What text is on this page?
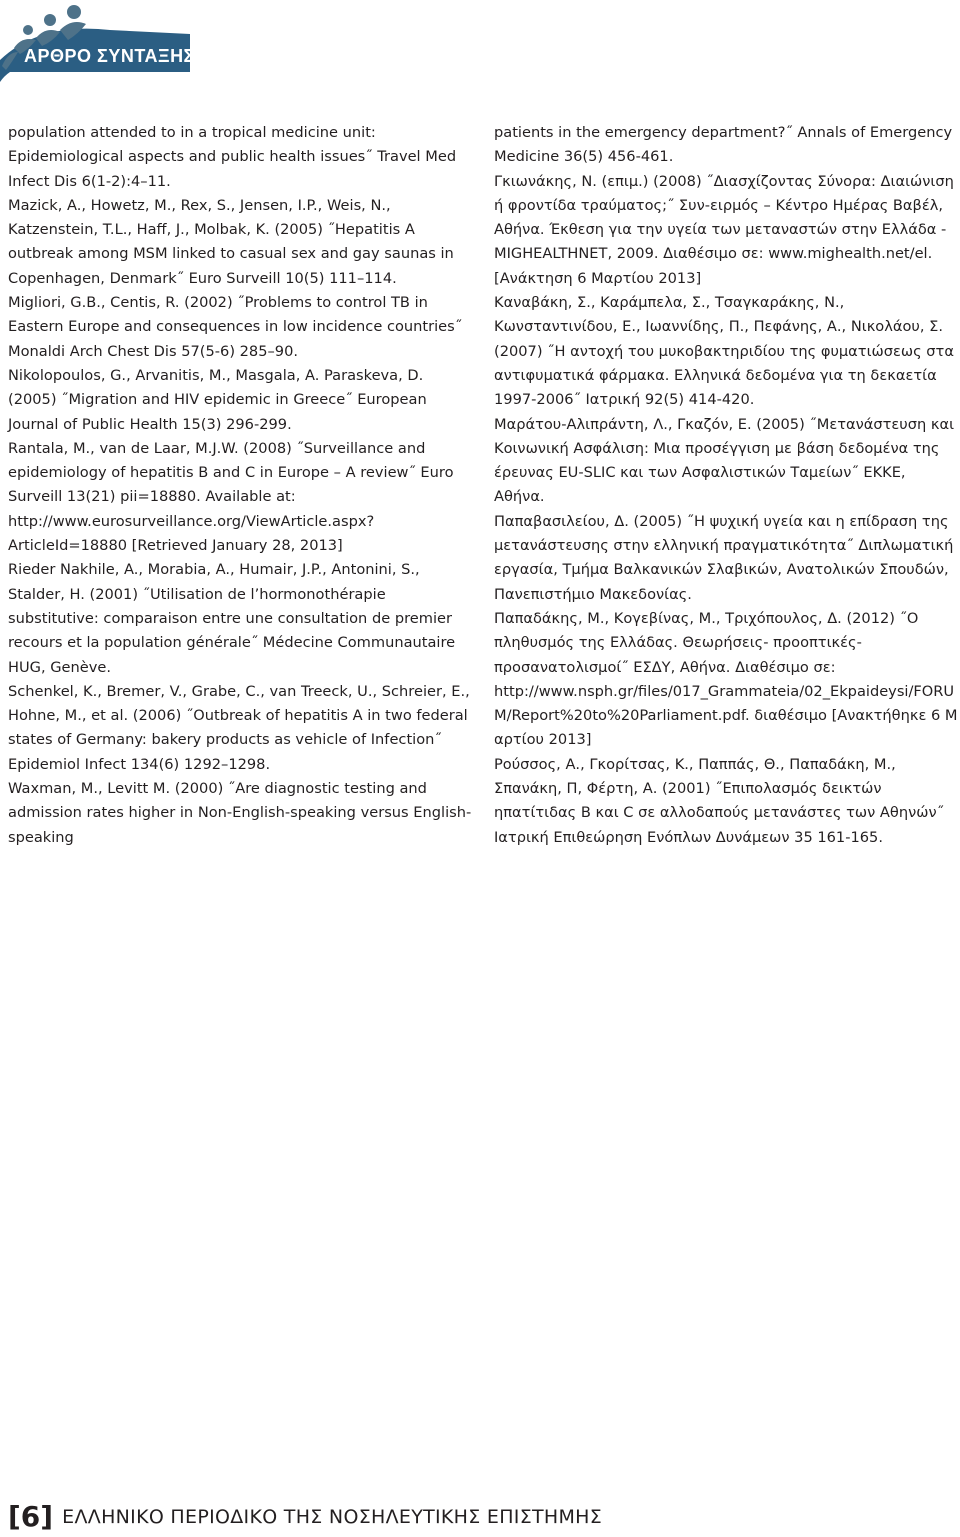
ΑΡΘΡΟ ΣΥΝΤΑΞΗΣ

population attended to in a tropical medicine unit: Epidemiological aspects and public health issues˝ Travel Med Infect Dis 6(1-2):4–11.

Mazick, A., Howetz, M., Rex, S., Jensen, I.P., Weis, N., Katzenstein, T.L., Haff, J., Molbak, K. (2005) ˝Hepatitis A outbreak among MSM linked to casual sex and gay saunas in Copenhagen, Denmark˝ Euro Surveill 10(5) 111–114.

Migliori, G.B., Centis, R. (2002) ˝Problems to control TB in Eastern Europe and consequences in low incidence countries˝ Monaldi Arch Chest Dis 57(5-6) 285–90.

Nikolopoulos, G., Arvanitis, M., Masgala, A. Paraskeva, D. (2005) ˝Migration and HIV epidemic in Greece˝ European Journal of Public Health 15(3) 296-299.

Rantala, M., van de Laar, M.J.W. (2008) ˝Surveillance and epidemiology of hepatitis B and C in Europe – A review˝ Euro Surveill 13(21) pii=18880. Available at:

http://www.eurosurveillance.org/ViewArticle.aspx?ArticleId=18880 [Retrieved January 28, 2013]

Rieder Nakhile, A., Morabia, A., Humair, J.P., Antonini, S., Stalder, H. (2001) ˝Utilisation de l’hormonothérapie substitutive: comparaison entre une consultation de premier recours et la population générale˝ Médecine Communautaire HUG, Genève.

Schenkel, K., Bremer, V., Grabe, C., van Treeck, U., Schreier, E., Hohne, M., et al. (2006) ˝Outbreak of hepatitis A in two federal states of Germany: bakery products as vehicle of Infection˝ Epidemiol Infect 134(6) 1292–1298.

Waxman, M., Levitt M. (2000) ˝Are diagnostic testing and admission rates higher in Non-English-speaking versus English-speaking

patients in the emergency department?˝ Annals of Emergency Medicine 36(5) 456-461.

Γκιωνάκης, Ν. (επιμ.) (2008) ˝Διασχίζοντας Σύνορα: Διαιώνιση ή φροντίδα τραύματος;˝ Συν-ειρμός – Κέντρο Ημέρας Βαβέλ, Αθήνα. Έκθεση για την υγεία των μεταναστών στην Ελλάδα - MIGHEALTHNET, 2009. Διαθέσιμο σε: www.mighealth.net/el. [Ανάκτηση 6 Μαρτίου 2013]

Καναβάκη, Σ., Καράμπελα, Σ., Τσαγκαράκης, Ν., Κωνσταντινίδου, Ε., Ιωαννίδης, Π., Πεφάνης, Α., Νικολάου, Σ. (2007) ˝Η αντοχή του μυκοβακτηριδίου της φυματιώσεως στα αντιφυματικά φάρμακα. Ελληνικά δεδομένα για τη δεκαετία 1997-2006˝ Ιατρική 92(5) 414-420.

Μαράτου-Αλιπράντη, Λ., Γκαζόν, Ε. (2005) ˝Μετανάστευση και Κοινωνική Ασφάλιση: Μια προσέγγιση με βάση δεδομένα της έρευνας EU-SLIC και των Ασφαλιστικών Ταμείων˝ ΕΚΚΕ, Αθήνα.

Παπαβασιλείου, Δ. (2005) ˝Η ψυχική υγεία και η επίδραση της μετανάστευσης στην ελληνική πραγματικότητα˝ Διπλωματική εργασία, Τμήμα Βαλκανικών Σλαβικών, Ανατολικών Σπουδών, Πανεπιστήμιο Μακεδονίας.

Παπαδάκης, Μ., Κογεβίνας, Μ., Τριχόπουλος, Δ. (2012) ˝Ο πληθυσμός της Ελλάδας. Θεωρήσεις- προοπτικές- προσανατολισμοί˝ ΕΣΔΥ, Αθήνα. Διαθέσιμο σε:

http://www.nsph.gr/files/017_Grammateia/02_Ekpaideysi/FORUM/Report%20to%20Parliament.pdf. διαθέσιμο [Ανακτήθηκε 6 Μαρτίου 2013]

Ρούσσος, Α., Γκορίτσας, Κ., Παππάς, Θ., Παπαδάκη, Μ., Σπανάκη, Π, Φέρτη, Α. (2001) ˝Επιπολασμός δεικτών ηπατίτιδας Β και C σε αλλοδαπούς μετανάστες των Αθηνών˝ Ιατρική Επιθεώρηση Ενόπλων Δυνάμεων 35 161-165.

[6] ΕΛΛΗΝΙΚΟ ΠΕΡΙΟΔΙΚΟ ΤΗΣ ΝΟΣΗΛΕΥΤΙΚΗΣ ΕΠΙΣΤΗΜΗΣ
